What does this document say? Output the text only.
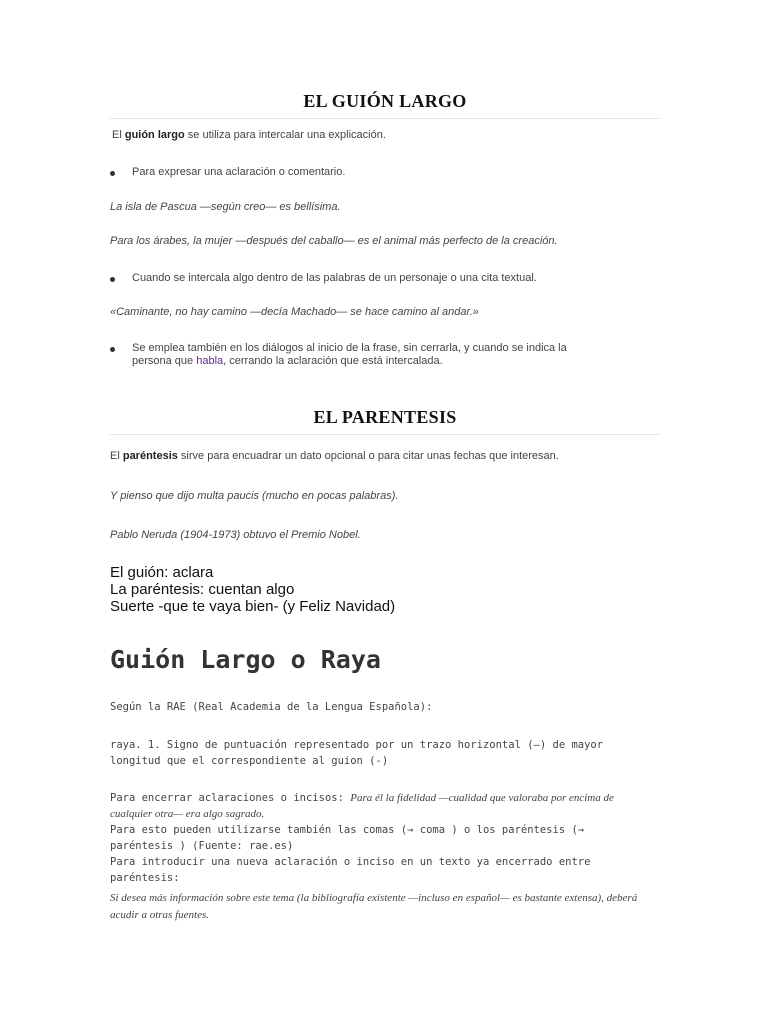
EL GUIÓN LARGO

El guión largo se utiliza para intercalar una explicación.

Para expresar una aclaración o comentario.

La isla de Pascua —según creo— es bellísima.

Para los árabes, la mujer —después del caballo— es el animal más perfecto de la creación.

Cuando se intercala algo dentro de las palabras de un personaje o una cita textual.

«Caminante, no hay camino —decía Machado— se hace camino al andar.»

Se emplea también en los diálogos al inicio de la frase, sin cerrarla, y cuando se indica la persona que habla, cerrando la aclaración que está intercalada.
EL PARENTESIS

El paréntesis sirve para encuadrar un dato opcional o para citar unas fechas que interesan.

Y pienso que dijo multa paucis (mucho en pocas palabras).

Pablo Neruda (1904-1973) obtuvo el Premio Nobel.

El guión: aclara
La paréntesis: cuentan algo
Suerte -que te vaya bien- (y Feliz Navidad)
Guión Largo o Raya

Según la RAE (Real Academia de la Lengua Española):

raya. 1. Signo de puntuación representado por un trazo horizontal (—) de mayor longitud que el correspondiente al guion (-)

Para encerrar aclaraciones o incisos: Para él la fidelidad —cualidad que valoraba por encima de cualquier otra— era algo sagrado.

Para esto pueden utilizarse también las comas (→ coma ) o los paréntesis (→ paréntesis ) (Fuente: rae.es)

Para introducir una nueva aclaración o inciso en un texto ya encerrado entre paréntesis:

Si desea más información sobre este tema (la bibliografía existente —incluso en español— es bastante extensa), deberá acudir a otras fuentes.
